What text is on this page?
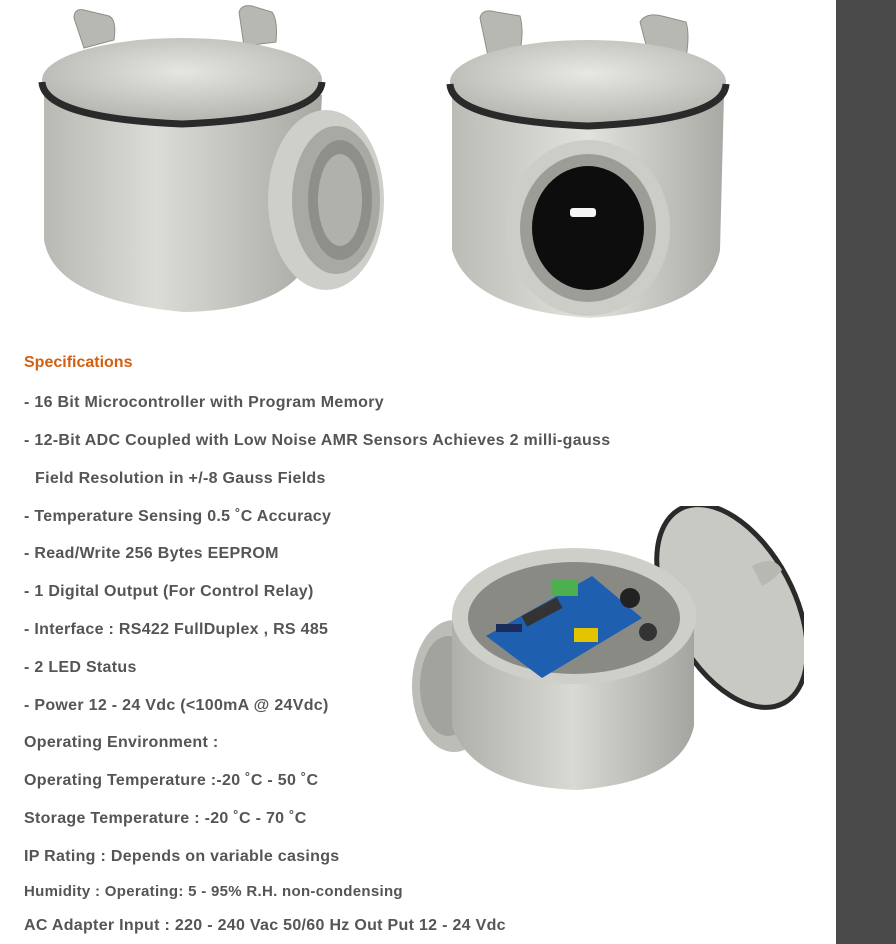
Specifications
- 16 Bit Microcontroller with Program Memory
- 12-Bit ADC Coupled with Low Noise AMR Sensors Achieves 2 milli-gauss
Field Resolution in +/-8 Gauss Fields
- Temperature Sensing 0.5 ˚C Accuracy
- Read/Write 256 Bytes EEPROM
- 1 Digital Output (For Control Relay)
- Interface : RS422 FullDuplex , RS 485
- 2 LED Status
- Power 12 - 24 Vdc (<100mA @ 24Vdc)
Operating Environment :
Operating Temperature :-20 ˚C - 50 ˚C
Storage Temperature : -20 ˚C - 70 ˚C
IP Rating : Depends on variable casings
Humidity : Operating: 5 - 95% R.H. non-condensing
AC Adapter Input : 220 - 240 Vac 50/60 Hz Out Put 12 - 24 Vdc
